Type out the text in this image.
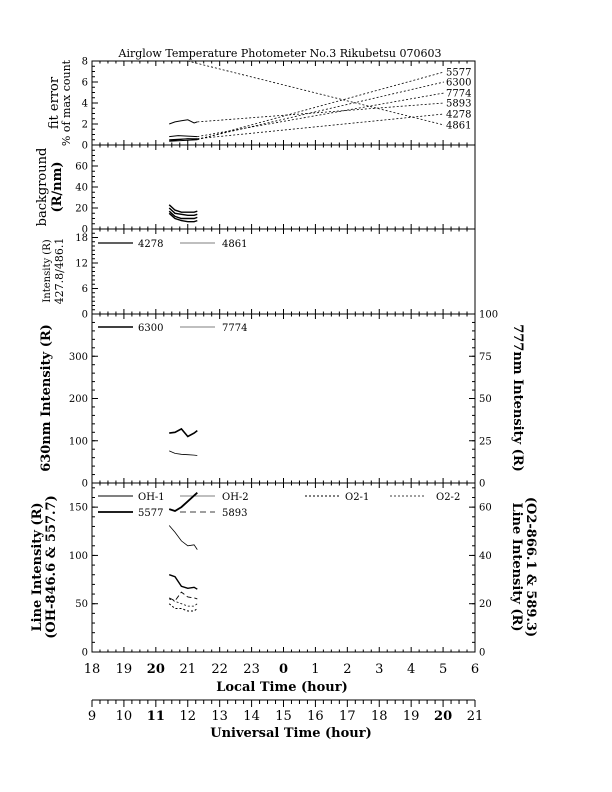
Airglow Temperature Photometer No.3 Rikubetsu 070603
0
2
4
6
8
0
20
40
60
0
6
12
18
0
100
200
300
0
25
50
75
100
0
50
100
150
0
20
40
60
fit error
% of max count
background (R/nm)
Intensity (R) 427.8/486.1
630nm Intensity (R)	777nm Intensity (R)
Line Intensity (R) (OH-846.6 & 557.7)	Line Intensity (R) (O2-866.1 & 589.3)
5577
6300
7774
5893
4278
4861
4278	4861
6300	7774
OH-1	OH-2	O2-1	O2-2
5577	5893
18 19 20 21 22 23 0 1 2 3 4 5 6
Local Time (hour)
9 10 11 12 13 14 15 16 17 18 19 20 21
Universal Time (hour)
